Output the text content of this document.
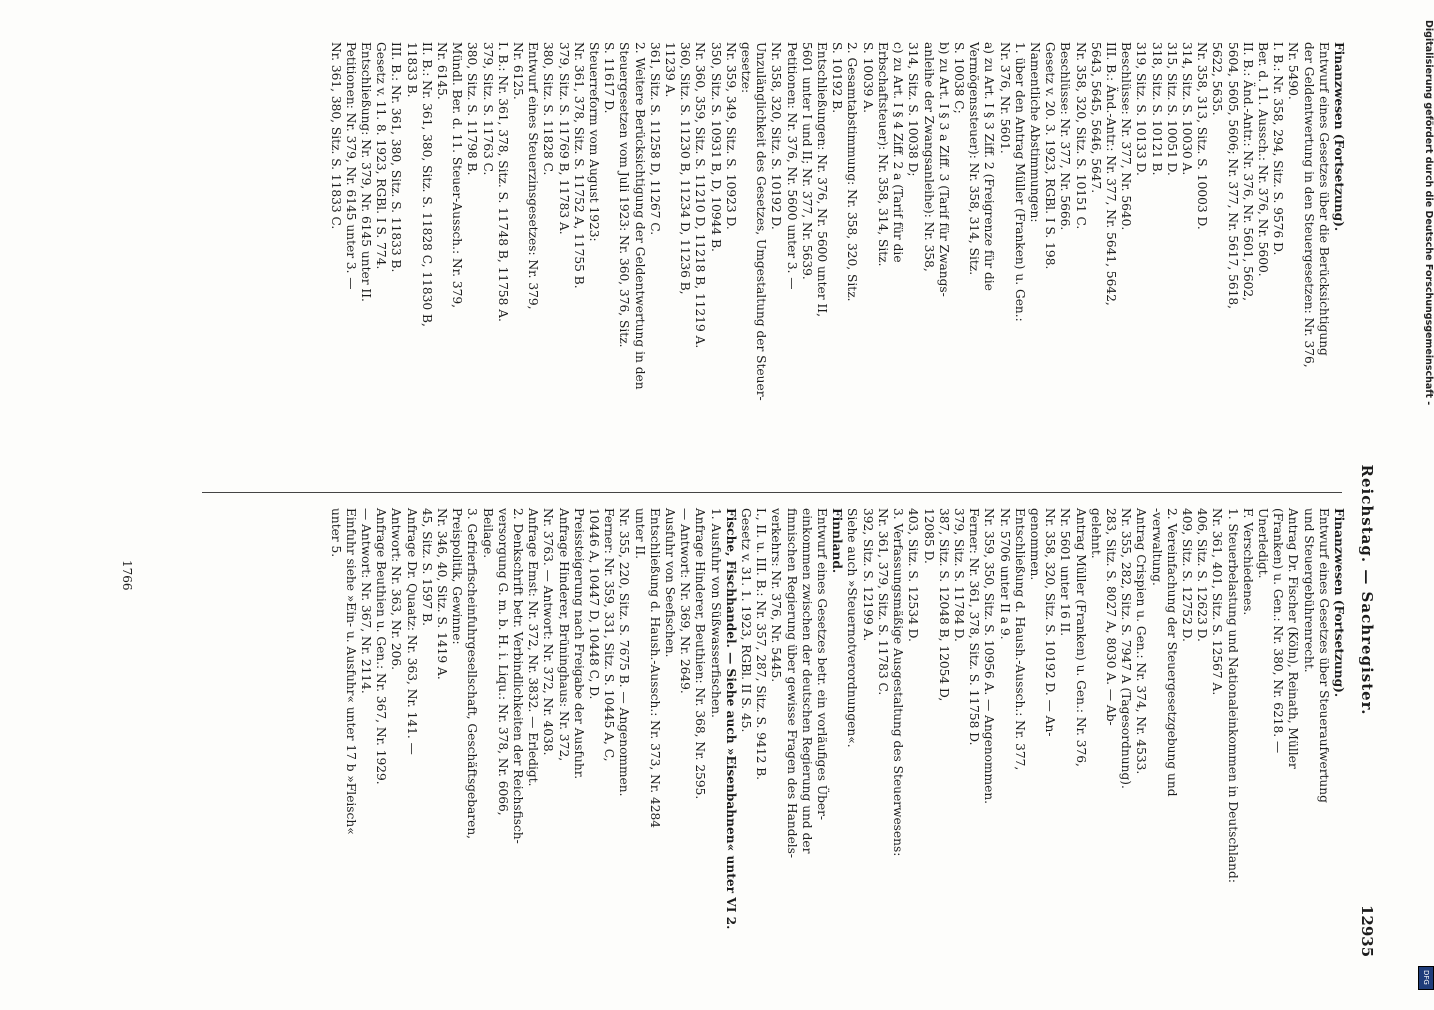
Reichstag. — Sachregister.
12935
Finanzwesen (Fortsetzung).
Entwurf eines Gesetzes über die Berücksichtigung
der Geldentwertung in den Steuergesetzen: Nr. 376,
Nr. 5490.
I. B.: Nr. 358, 294, Sitz. S. 9576 D.
Ber. d. 11. Aussch.: Nr. 376, Nr. 5600.
II. B.: Änd.-Antr.: Nr. 376, Nr. 5601, 5602,
5604, 5605, 5606; Nr. 377, Nr. 5617, 5618,
5622, 5635.
Nr. 358, 313, Sitz. S. 10003 D.
314, Sitz. S. 10030 A.
315, Sitz. S. 10051 D.
318, Sitz. S. 10121 B.
319, Sitz. S. 10133 D.
Beschlüsse: Nr. 377, Nr. 5640.
III. B.: Änd.-Antr.: Nr. 377, Nr. 5641, 5642,
5643, 5645, 5646, 5647.
Nr. 358, 320, Sitz. S. 10151 C.
Beschlüsse: Nr. 377, Nr. 5666.
Gesetz v. 20. 3. 1923, RGBl. I S. 198.
Namentliche Abstimmungen:
1. über den Antrag Müller (Franken) u. Gen.:
Nr. 376, Nr. 5601.
a) zu Art. I § 3 Ziff. 2 (Freigrenze für die
Vermögenssteuer): Nr. 358, 314, Sitz.
S. 10038 C;
b) zu Art. I § 3 a Ziff. 3 (Tarif für Zwangs-
anleihe der Zwangsanleihe): Nr. 358,
314, Sitz. S. 10038 D;
c) zu Art. I § 4 Ziff. 2 a (Tarif für die
Erbschaftsteuer): Nr. 358, 314, Sitz.
S. 10039 A.
2. Gesamtabstimmung: Nr. 358, 320, Sitz.
S. 10192 B.
Entschließungen: Nr. 376, Nr. 5600 unter II,
5601 unter I und II; Nr. 377, Nr. 5639.
Petitionen: Nr. 376, Nr. 5600 unter 3. —
Nr. 358, 320, Sitz. S. 10192 D.
Unzulänglichkeit des Gesetzes, Umgestaltung der Steuer-
gesetze:
Nr. 359, 349, Sitz. S. 10923 D.
350, Sitz. S. 10931 B, D, 10944 B.
Nr. 360, 359, Sitz. S. 11210 D, 11218 B, 11219 A.
360, Sitz. S. 11230 B, 11234 D, 11236 B,
11239 A.
361, Sitz. S. 11258 D, 11267 C.
2. Weitere Berücksichtigung der Geldentwertung in den
Steuergesetzen vom Juli 1923: Nr. 360, 376, Sitz.
S. 11617 D.
Steuerreform vom August 1923:
Nr. 361, 378, Sitz. S. 11752 A, 11755 B.
379, Sitz. S. 11769 B, 11783 A.
380, Sitz. S. 11828 C.
Entwurf eines Steuerzinsgesetzes: Nr. 379,
Nr. 6125.
I. B.: Nr. 361, 378, Sitz. S. 11748 B, 11758 A.
379, Sitz. S. 11763 C.
380, Sitz. S. 11798 B.
Mündl. Ber. d. 11. Steuer-Aussch.: Nr. 379,
Nr. 6145.
II. B.: Nr. 361, 380, Sitz. S. 11828 C, 11830 B,
11833 B.
III. B.: Nr. 361, 380, Sitz. S. 11833 B.
Gesetz v. 11. 8. 1923, RGBl. I S. 774.
Entschließung: Nr. 379, Nr. 6145 unter II.
Petitionen: Nr. 379, Nr. 6145 unter 3. —
Nr. 361, 380, Sitz. S. 11833 C.
Finanzwesen (Fortsetzung).
Entwurf eines Gesetzes über Steueraufwertung
und Steuergebührenrecht.
Antrag Dr. Fischer (Köln), Reinath, Müller
(Franken) u. Gen.: Nr. 380, Nr. 6218. —
Unerledigt.
F. Verschiedenes.
1. Steuerbelastung und Nationaleinkommen in Deutschland:
Nr. 361, 401, Sitz. S. 12567 A.
406, Sitz. S. 12623 D.
409, Sitz. S. 12752 D.
2. Vereinfachung der Steuergesetzgebung und
-verwaltung.
Antrag Crispien u. Gen.: Nr. 374, Nr. 4533.
Nr. 355, 282, Sitz. S. 7947 A (Tagesordnung).
283, Sitz. S. 8027 A, 8030 A. — Ab-
gelehnt.
Antrag Müller (Franken) u. Gen.: Nr. 376,
Nr. 5601 unter 16 II.
Nr. 358, 320, Sitz. S. 10192 D. — An-
genommen.
Entschließung d. Haush.-Aussch.: Nr. 377,
Nr. 5706 unter II a 9.
Nr. 359, 350, Sitz. S. 10956 A. — Angenommen.
Ferner: Nr. 361, 378, Sitz. S. 11758 D.
379, Sitz. S. 11784 D.
387, Sitz. S. 12048 B, 12054 D,
12085 D.
403, Sitz. S. 12534 D.
3. Verfassungsmäßige Ausgestaltung des Steuerwesens:
Nr. 361, 379, Sitz. S. 11783 C.
392, Sitz. S. 12199 A.
Siehe auch »Steuernotverordnungen«.
Finnland.
Entwurf eines Gesetzes betr. ein vorläufiges Über-
einkommen zwischen der deutschen Regierung und der
finnischen Regierung über gewisse Fragen des Handels-
verkehrs: Nr. 376, Nr. 5445.
I., II. u. III. B.: Nr. 357, 287, Sitz. S. 9412 B.
Gesetz v. 31. 1. 1923, RGBl. II S. 45.
Fische, Fischhandel. — Siehe auch »Eisenbahnen« unter VI 2.
1. Ausfuhr von Süßwasserfischen.
Anfrage Hinderer, Beuthien: Nr. 368, Nr. 2595.
— Antwort: Nr. 369, Nr. 2649.
Ausfuhr von Seefischen.
Entschließung d. Haush.-Aussch.: Nr. 373, Nr. 4284
unter II.
Nr. 355, 220, Sitz. S. 7675 B. — Angenommen.
Ferner: Nr. 359, 331, Sitz. S. 10445 A, C,
10446 A, 10447 D, 10448 C, D.
Preissteigerung nach Freigabe der Ausfuhr.
Anfrage Hinderer, Brüninghaus: Nr. 372,
Nr. 3763. — Antwort: Nr. 372, Nr. 4038.
Anfrage Emst: Nr. 372, Nr. 3832. — Erledigt.
2. Denkschrift betr. Verbindlichkeiten der Reichsfisch-
versorgung G. m. b. H. i. Liqu.: Nr. 378, Nr. 6066,
Beilage.
3. Gefrierfischeinfuhrgesellschaft, Geschäftsgebaren,
Preispolitik, Gewinne:
Nr. 346, 40, Sitz. S. 1419 A.
45, Sitz. S. 1597 B.
Anfrage Dr. Quaatz: Nr. 363, Nr. 141. —
Antwort: Nr. 363, Nr. 206.
Anfrage Beuthien u. Gen.: Nr. 367, Nr. 1929.
— Antwort: Nr. 367, Nr. 2114.
Einfuhr siehe »Ein- u. Ausfuhr« unter 17 b »Fleisch«
unter 5.
1766
Digitalisierung gefördert durch die Deutsche Forschungsgemeinschaft -
DFG
